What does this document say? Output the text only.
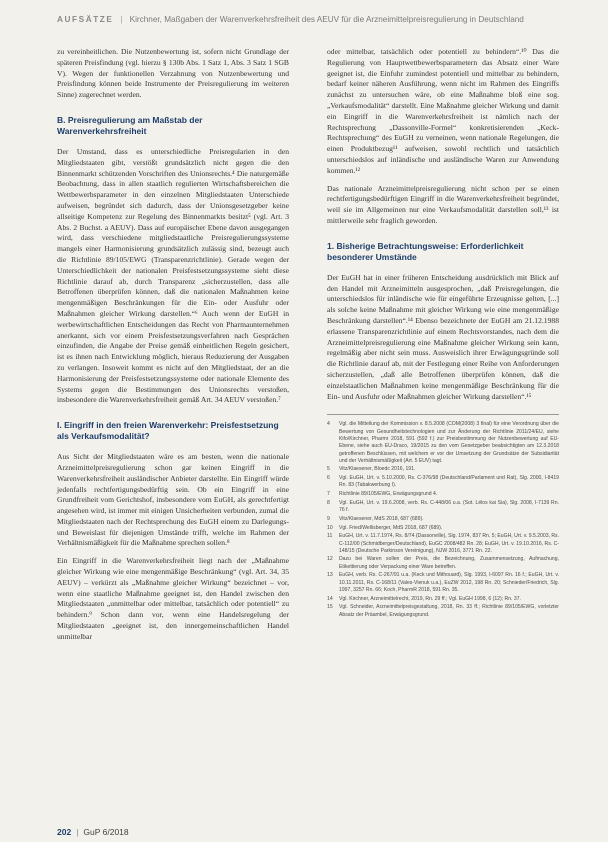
AUFSÄTZE | Kirchner, Maßgaben der Warenverkehrsfreiheit des AEUV für die Arzneimittelpreisregulierung in Deutschland

zu vereinheitlichen. Die Nutzenbewertung ist, sofern nicht Grundlage der späteren Preisfindung (vgl. hierzu § 130b Abs. 1 Satz 1, Abs. 3 Satz 1 SGB V). Wegen der funktionellen Verzahnung von Nutzenbewertung und Preisfindung können beide Instrumente der Preisregulierung im weiteren Sinne) zugerechnet werden.

B. Preisregulierung am Maßstab der Warenverkehrsfreiheit

Der Umstand, dass es unterschiedliche Preisregularien in den Mitgliedstaaten gibt, verstößt grundsätzlich nicht gegen die den Binnenmarkt schützenden Vorschriften des Unionsrechts.⁴ Die naturgemäße Beobachtung, dass in allen staatlich regulierten Wirtschaftsbereichen die Wettbewerbsparameter in den einzelnen Mitgliedstaaten Unterschiede aufweisen, begründet sich dadurch, dass der Unionsgesetzgeber keine allseitige Kompetenz zur Regelung des Binnenmarkts besitzt⁵ (vgl. Art. 3 Abs. 2 Buchst. a AEUV). Dass auf europäischer Ebene davon ausgegangen wird, dass verschiedene mitgliedstaatliche Preisregulierungssysteme mangels einer Harmonisierung grundsätzlich zulässig sind, bezeugt auch die Richtlinie 89/105/EWG (Transparenzrichtlinie). Gerade wegen der Unterschiedlichkeit der nationalen Preisfestsetzungssysteme sieht diese Richtlinie darauf ab, durch Transparenz „sicherzustellen, dass alle Betroffenen überprüfen können, daß die nationalen Maßnahmen keine mengenmäßigen Beschränkungen für die Ein- oder Ausfuhr oder Maßnahmen gleicher Wirkung darstellen.“⁶ Auch wenn der EuGH in werbewirtschaftlichen Entscheidungen das Recht von Pharmaunternehmen anerkannt, sich vor einem Preisfestsetzungsverfahren nach Gesprächen einzufinden, die Angabe der Preise gemäß einheitlichen Regeln gesichert, ist es ihnen nach Entwicklung möglich, hieraus Reduzierung der Ausgaben zu verlangen. Insoweit kommt es nicht auf den Mitgliedstaat, der an die Harmonisierung der Preisfestsetzungssysteme oder nationale Elemente des Systems gegen die Bestimmungen des Unionsrechts verstoßen, insbesondere die Warenverkehrsfreiheit gemäß Art. 34 AEUV verstoßen.⁷

I. Eingriff in den freien Warenverkehr: Preisfestsetzung als Verkaufsmodalität?

Aus Sicht der Mitgliedstaaten wäre es am besten, wenn die nationale Arzneimittelpreisregulierung schon gar keinen Eingriff in die Warenverkehrsfreiheit ausländischer Anbieter darstellte. Ein Eingriff würde jedenfalls rechtfertigungsbedürftig sein. Ob ein Eingriff in eine Grundfreiheit vom Gerichtshof, insbesondere vom EuGH, als gerechtfertigt angesehen wird, ist immer mit einigen Unsicherheiten verbunden, zumal die Mitgliedstaaten nach der Rechtsprechung des EuGH einem zu Darlegungs- und Beweislast für diejenigen Umstände trifft, welche im Rahmen der Verhältnismäßigkeit für die Maßnahme sprechen sollen.⁸

Ein Eingriff in die Warenverkehrsfreiheit liegt nach der „Maßnahme gleicher Wirkung wie eine mengenmäßige Beschränkung“ (vgl. Art. 34, 35 AEUV) – verkürzt als „Maßnahme gleicher Wirkung“ bezeichnet – vor, wenn eine staatliche Maßnahme geeignet ist, den Handel zwischen den Mitgliedstaaten „unmittelbar oder mittelbar, tatsächlich oder potentiell“ zu behindern.⁹ Schon dann vor, wenn eine Handelsregelung der Mitgliedstaaten „geeignet ist, den innergemeinschaftlichen Handel unmittelbar

oder mittelbar, tatsächlich oder potentiell zu behindern“.¹⁰ Das die Regulierung von Hauptwettbewerbsparametern das Absatz einer Ware geeignet ist, die Einfuhr zumindest potentiell und mittelbar zu behindern, bedarf keiner näheren Ausführung, wenn nicht im Rahmen des Eingriffs zunächst zu untersuchen wäre, ob eine Maßnahme bloß eine sog. „Verkaufsmodalität“ darstellt. Eine Maßnahme gleicher Wirkung und damit ein Eingriff in die Warenverkehrsfreiheit ist nämlich nach der Rechtsprechung „Dassonville-Formel“ konkretisierenden „Keck-Rechtsprechung“ des EuGH zu verneinen, wenn nationale Regelungen, die einen Produktbezug¹¹ aufweisen, sowohl rechtlich und tatsächlich unterschiedslos auf inländische und ausländische Waren zur Anwendung kommen.¹²

Das nationale Arzneimittelpreisregulierung nicht schon per se einen rechtfertigungsbedürftigen Eingriff in die Warenverkehrsfreiheit begründet, weil sie im Allgemeinen nur eine Verkaufsmodalität darstellen soll,¹³ ist mittlerweile sehr fraglich geworden.

1. Bisherige Betrachtungsweise: Erforderlichkeit besonderer Umstände

Der EuGH hat in einer früheren Entscheidung ausdrücklich mit Blick auf den Handel mit Arzneimitteln ausgesprochen, „daß Preisregelungen, die unterschiedslos für inländische wie für eingeführte Erzeugnisse gelten, [...] als solche keine Maßnahme mit gleicher Wirkung wie eine mengenmäßige Beschränkung darstellen“.¹⁴ Ebenso bezeichnete der EuGH am 21.12.1988 erlassene Transparenzrichtlinie auf einem Rechtsvorstandes, nach dem die Arzneimittelpreisregulierung eine Maßnahme gleicher Wirkung sein kann, regelmäßig aber nicht sein muss. Ausweislich ihrer Erwägungsgründe soll die Richtlinie darauf ab, mit der Festlegung einer Reihe von Anforderungen sicherzustellen, „daß alle Betroffenen überprüfen können, daß die einzelstaatlichen Maßnahmen keine mengenmäßige Beschränkung für die Ein- und Ausfuhr oder Maßnahmen gleicher Wirkung darstellen“.¹⁵

4	Vgl. die Mitteilung der Kommission v. 8.5.2008 (COM(2008) 3 final) für eine Verordnung über die Bewertung von Gesundheitstechnologien und zur Änderung der Richtlinie 2011/24/EU, siehe Kifo/Kirchner, Pharmr 2018, 591 (592 f.) zur Preisbestimmung der Nutzenbewertung auf EU-Ebene, siehe auch EU-Draco, 19/2015 zu den vom Gesetzgeber beabsichtigten am 12.3.2018 getroffenen Beschlüssen, mit welchem er vor der Umsetzung der Grundsätze der Subsidiarität und der Verhältnismäßigkeit (Art. 5 EUV) tagt.
5	Vitz/Klaesener, Bloedc 2016, 191.
6	Vgl. EuGH, Urt. v. 5.10.2000, Rs. C-376/98 (Deutschland/Parlament und Rat), Slg. 2000, I-8419 Rn. 83 (Tabakwerbung I).
7	Richtlinie 89/105/EWG, Erwägungsgrund 4.
8	Vgl. EuGH, Urt. v. 19.6.2008, verb. Rs. C-448/06 u.a. (Sot. Lélos kai Sia), Slg. 2008, I-7139 Rn. 76 f.
9	Vitz/Klaesener, MdS 2018, 687 (689).
10	Vgl. Fried/Wellisberger, MdS 2018, 687 (689).
11	EuGH, Urt. v. 11.7.1974, Rs. 8/74 (Dassonville), Slg. 1974, 837 Rn. 5; EuGH, Urt. v. 9.5.2003, Rs. C-112/00 (Schmidberger/Deutschland), EuGC 2008/482 Rn. 28; EuGH, Urt. v. 19.10.2016, Rs. C-148/15 (Deutsche Parkinson Vereinigung), NJW 2016, 3771 Rn. 22.
12	Dazu bei Waren sollen der Preis, die Bezeichnung, Zusammensetzung, Aufmachung, Etikettierung oder Verpackung einer Ware betreffen.
13	EuGH, verb. Rs. C-267/91 u.a. (Keck und Mithouard), Slg. 1993, I-6097 Rn. 16 f.; EuGH, Urt. v. 10.11.2011, Rs. C-168/11 (Vales-Vienuk u.a.), EuZW 2012, 198 Rn. 20; Schnieder/Friedrich, Slg. 1997, 3257 Rn. 66; Koch, PharmR 2018, 591 Rn. 35.
14	Vgl. Kirchner, Arzneimittelrecht, 2019, Rn. 29 ff.; Vgl. EuGH 1998, 6 (12); Rn. 37.
15	Vgl. Schneider, Arzneimittelpreisgestaltung, 2018, Rn. 33 ff.; Richtlinie 89/105/EWG, vorletzter Absatz der Präambel, Erwägungsgrund.
202 | GuP 6/2018
